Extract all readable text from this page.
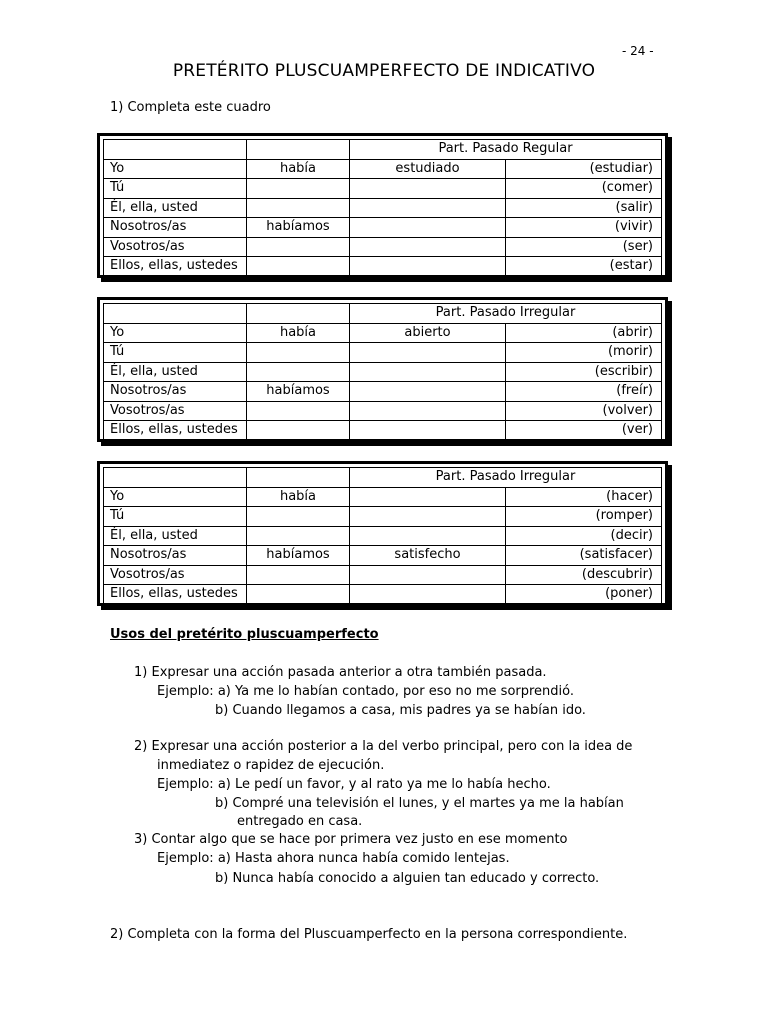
- 24 -
PRETÉRITO PLUSCUAMPERFECTO DE INDICATIVO
1) Completa este cuadro
		Part. Pasado Regular	
Yo	había	estudiado	(estudiar)
Tú			(comer)
Él, ella, usted			(salir)
Nosotros/as	habíamos		(vivir)
Vosotros/as			(ser)
Ellos, ellas, ustedes			(estar)
		Part. Pasado Irregular	
Yo	había	abierto	(abrir)
Tú			(morir)
Él, ella, usted			(escribir)
Nosotros/as	habíamos		(freír)
Vosotros/as			(volver)
Ellos, ellas, ustedes			(ver)
		Part. Pasado Irregular	
Yo	había		(hacer)
Tú			(romper)
Él, ella, usted			(decir)
Nosotros/as	habíamos	satisfecho	(satisfacer)
Vosotros/as			(descubrir)
Ellos, ellas, ustedes			(poner)
Usos del pretérito pluscuamperfecto
1) Expresar una acción pasada anterior a otra también pasada.
Ejemplo: a) Ya me lo habían contado, por eso no me sorprendió.
b) Cuando llegamos a casa, mis padres ya se habían ido.
2) Expresar una acción posterior a la del verbo principal, pero con la idea de
inmediatez o rapidez de ejecución.
Ejemplo: a) Le pedí un favor, y al rato ya me lo había hecho.
b) Compré una televisión el lunes, y el martes ya me la habían
entregado en casa.
3) Contar algo que se hace por primera vez justo en ese momento
Ejemplo: a) Hasta ahora nunca había comido lentejas.
b) Nunca había conocido a alguien tan educado y correcto.
2) Completa con la forma del Pluscuamperfecto en la persona correspondiente.
